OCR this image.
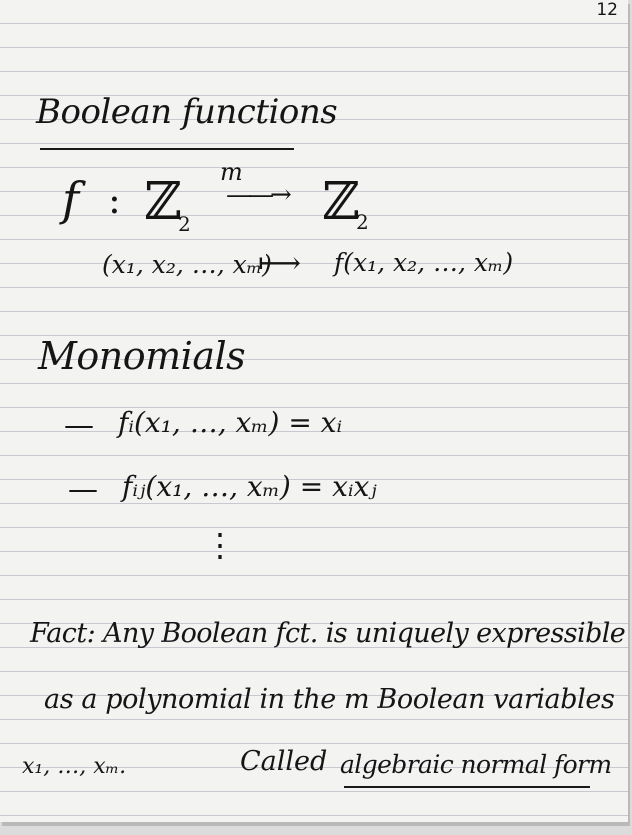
12
Boolean functions
f : ℤ
2
m
——→ ℤ
2
(x₁, x₂, …, xₘ)
⟼ f(x₁, x₂, …, xₘ)
Monomials
— fᵢ(x₁, …, xₘ) = xᵢ
— fᵢⱼ(x₁, …, xₘ) = xᵢxⱼ
⋮
Fact: Any Boolean fct. is uniquely expressible
as a polynomial in the m Boolean variables
x₁, …, xₘ.	Called algebraic normal form
